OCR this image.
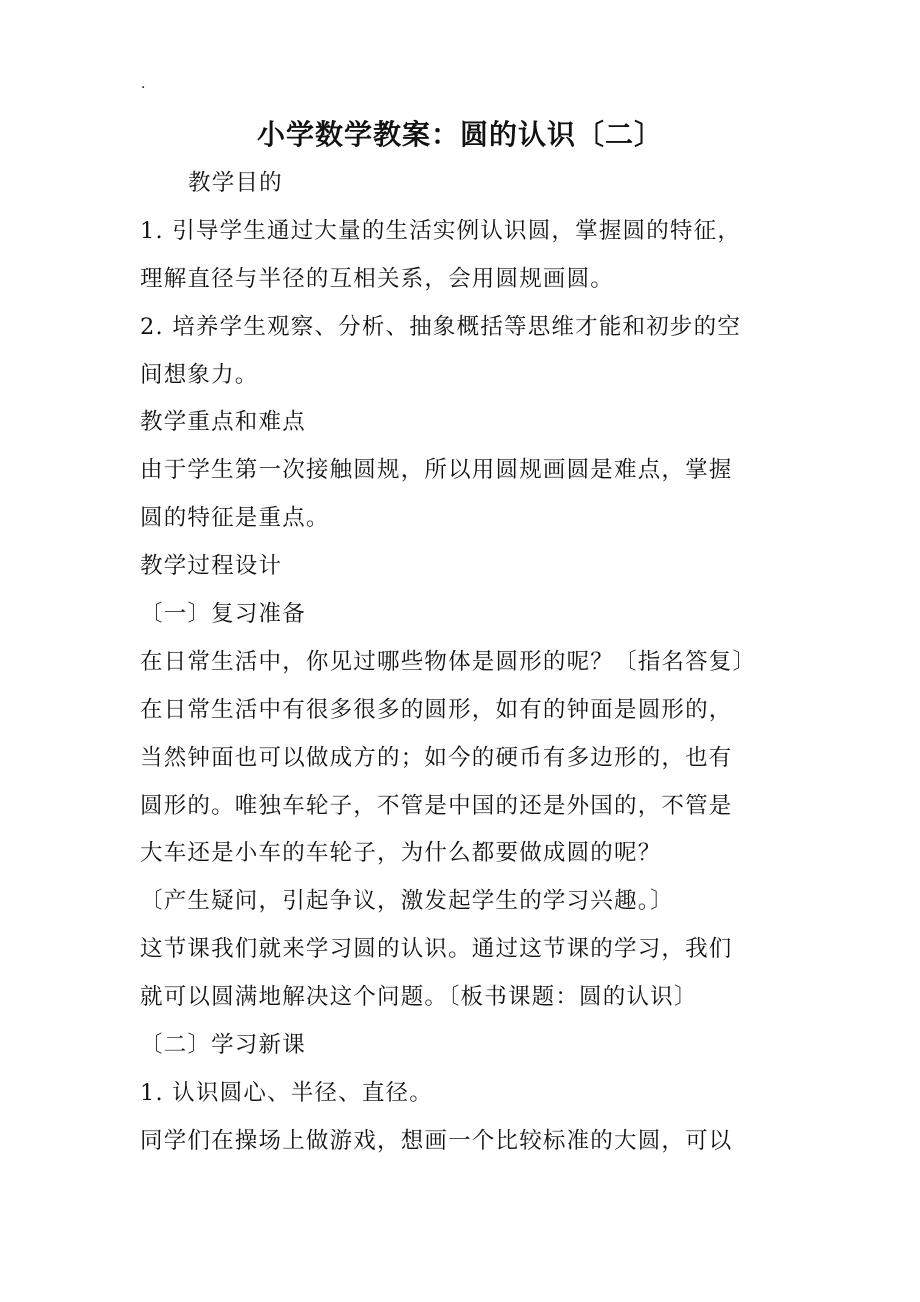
.
小学数学教案：圆的认识〔二〕
教学目的
1. 引导学生通过大量的生活实例认识圆，掌握圆的特征，
理解直径与半径的互相关系，会用圆规画圆。
2. 培养学生观察、分析、抽象概括等思维才能和初步的空
间想象力。
教学重点和难点
由于学生第一次接触圆规，所以用圆规画圆是难点，掌握
圆的特征是重点。
教学过程设计
〔一〕复习准备
在日常生活中，你见过哪些物体是圆形的呢？〔指名答复〕
在日常生活中有很多很多的圆形，如有的钟面是圆形的，
当然钟面也可以做成方的；如今的硬币有多边形的，也有
圆形的。唯独车轮子，不管是中国的还是外国的，不管是
大车还是小车的车轮子，为什么都要做成圆的呢？
〔产生疑问，引起争议，激发起学生的学习兴趣。〕
这节课我们就来学习圆的认识。通过这节课的学习，我们
就可以圆满地解决这个问题。〔板书课题：圆的认识〕
〔二〕学习新课
1. 认识圆心、半径、直径。
同学们在操场上做游戏，想画一个比较标准的大圆，可以
